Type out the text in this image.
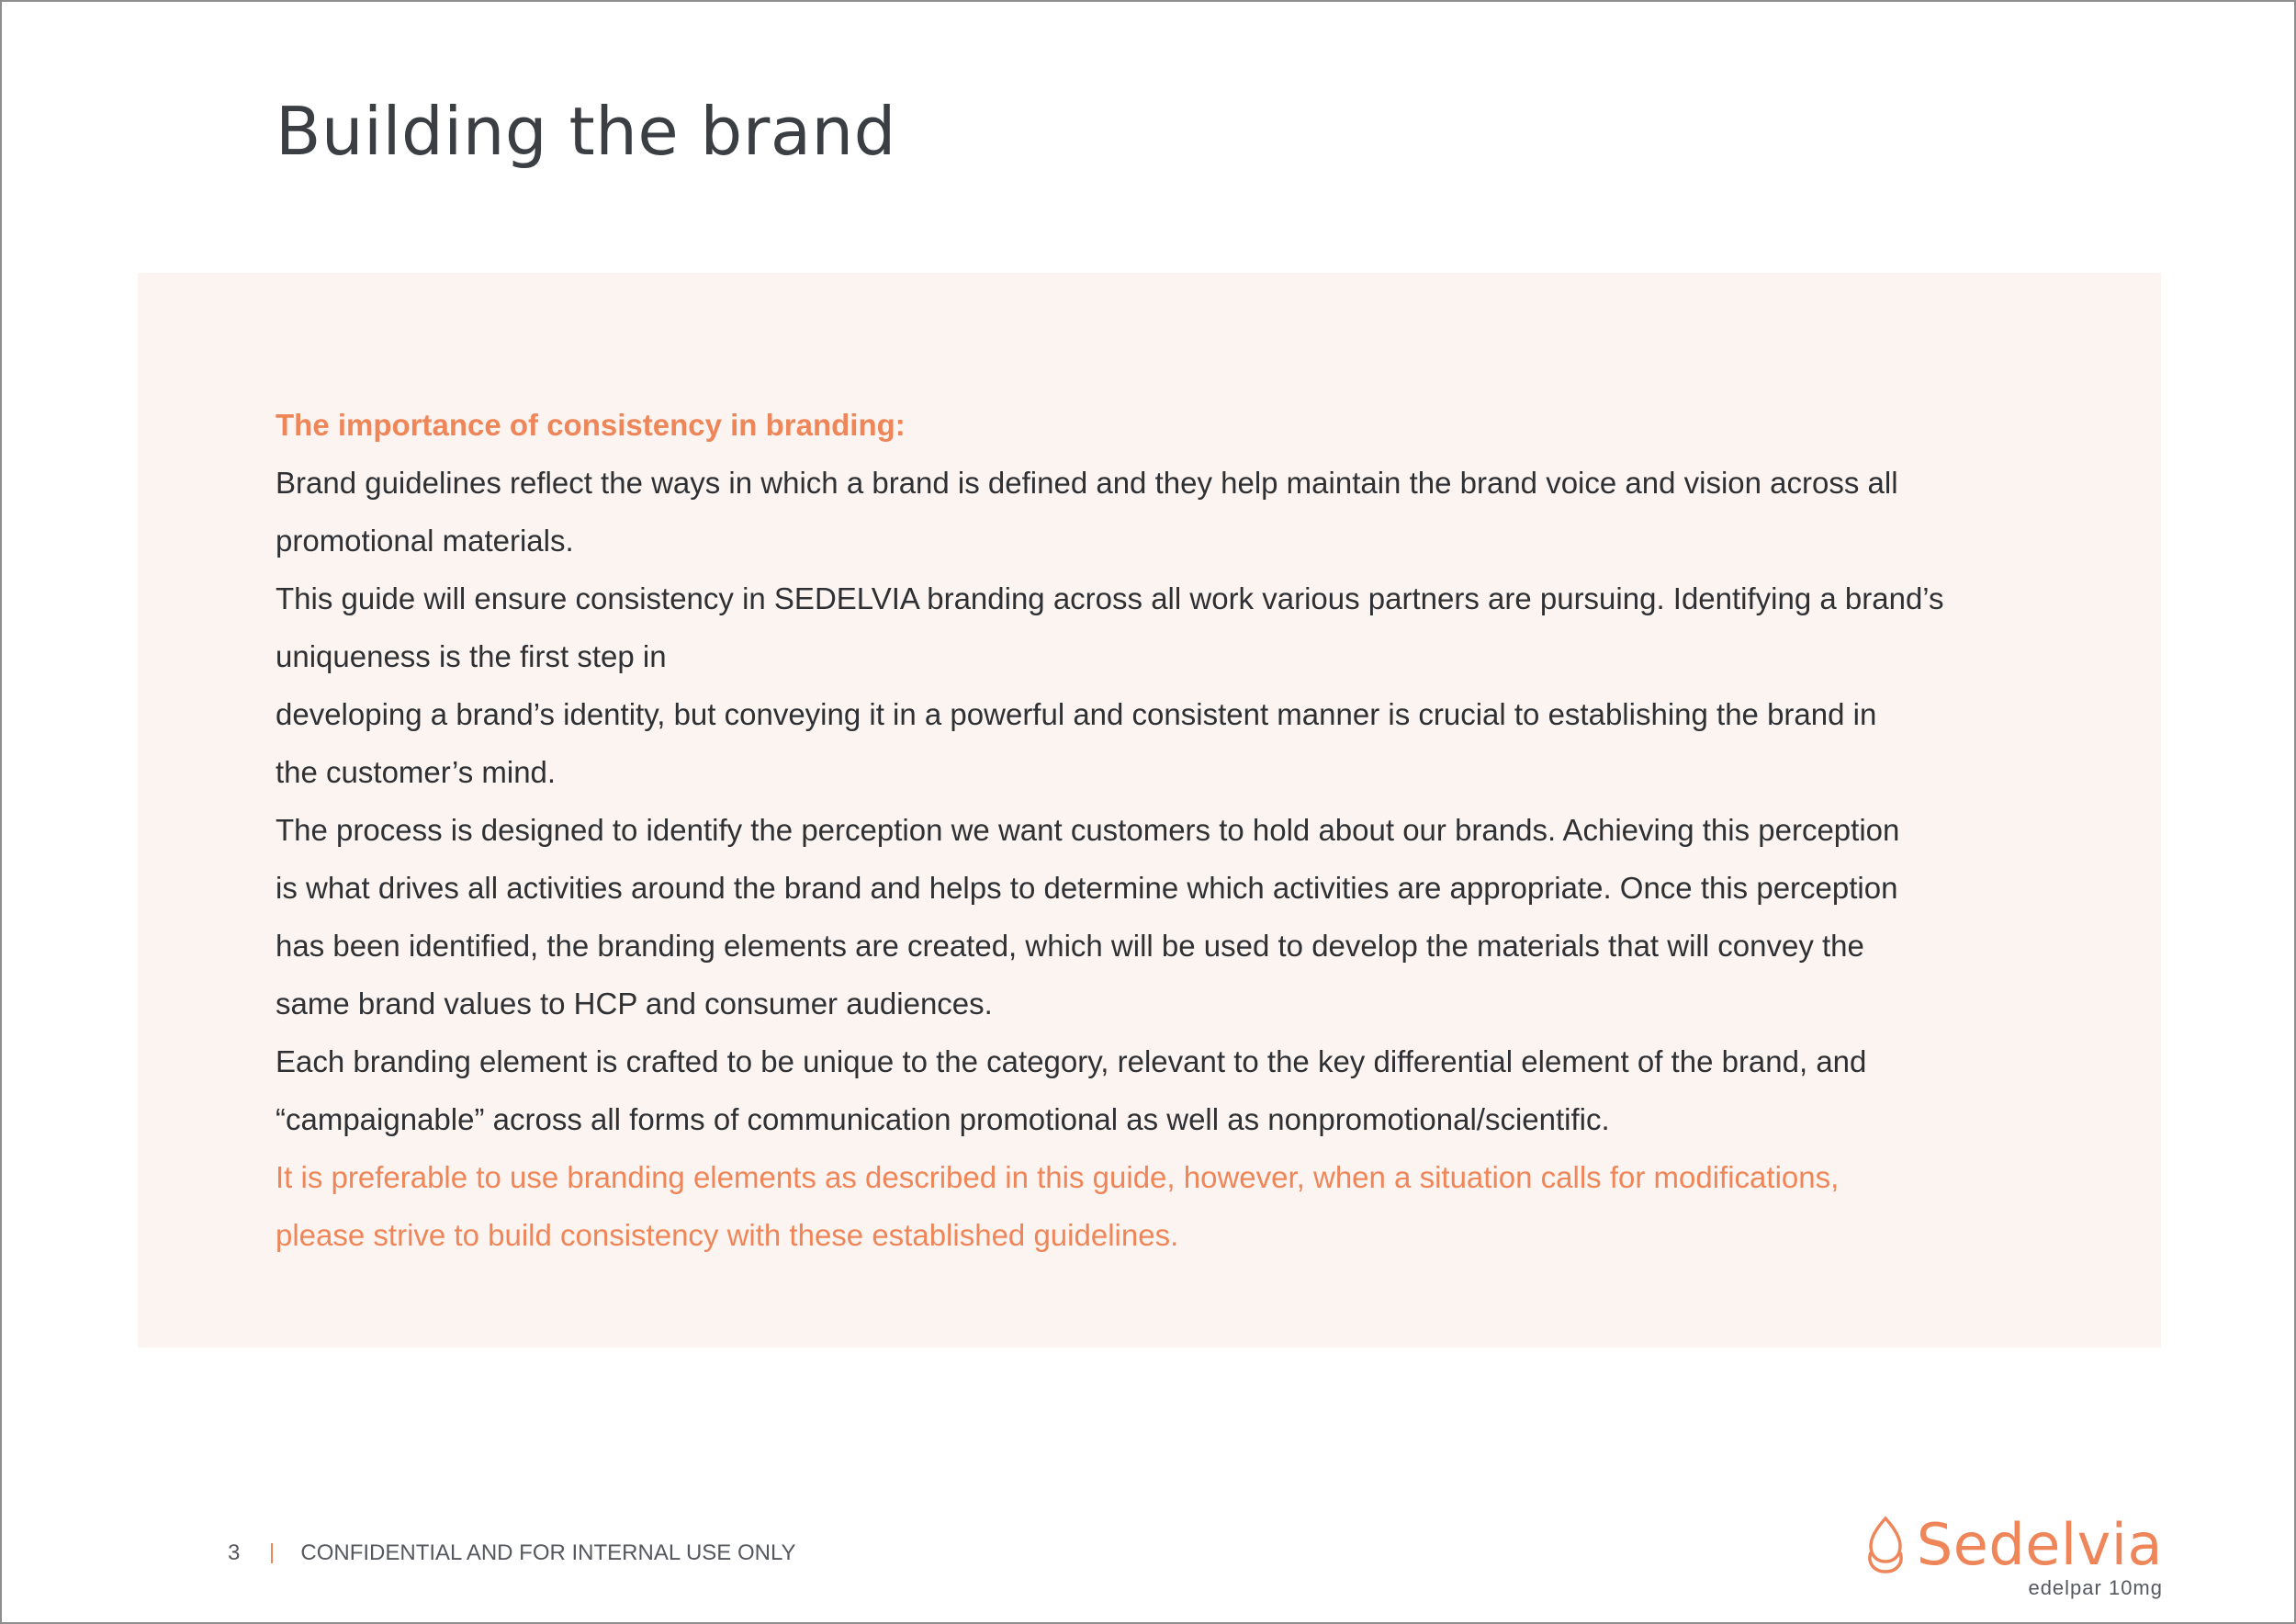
Building the brand

The importance of consistency in branding:

Brand guidelines reflect the ways in which a brand is defined and they help maintain the brand voice and vision across all

promotional materials.

This guide will ensure consistency in SEDELVIA branding across all work various partners are pursuing. Identifying a brand’s

uniqueness is the first step in

developing a brand’s identity, but conveying it in a powerful and consistent manner is crucial to establishing the brand in

the customer’s mind.

The process is designed to identify the perception we want customers to hold about our brands. Achieving this perception

is what drives all activities around the brand and helps to determine which activities are appropriate. Once this perception

has been identified, the branding elements are created, which will be used to develop the materials that will convey the

same brand values to HCP and consumer audiences.

Each branding element is crafted to be unique to the category, relevant to the key differential element of the brand, and

“campaignable” across all forms of communication promotional as well as nonpromotional/scientific.

It is preferable to use branding elements as described in this guide, however, when a situation calls for modifications,

please strive to build consistency with these established guidelines.

3	CONFIDENTIAL AND FOR INTERNAL USE ONLY	Sedelvia
edelpar 10mg
